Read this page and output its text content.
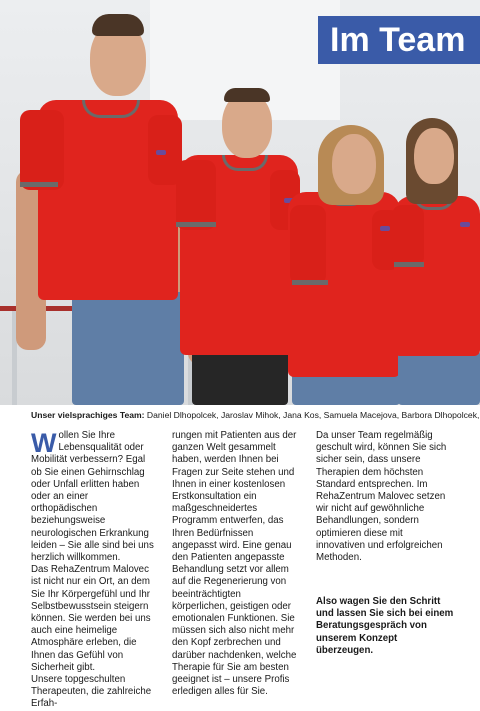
Im Team
Unser vielsprachiges Team: Daniel Dlhopolcek, Jaroslav Mihok, Jana Kos, Samuela Macejova, Barbora Dlhopolcek,

Wollen Sie Ihre Lebensqualität oder Mobilität verbessern? Egal ob Sie einen Gehirnschlag oder Unfall erlitten haben oder an einer orthopädischen beziehungsweise neurologischen Erkrankung leiden – Sie alle sind bei uns herzlich willkommen.

Das RehaZentrum Malovec ist nicht nur ein Ort, an dem Sie Ihr Körpergefühl und Ihr Selbstbewusstsein steigern können. Sie werden bei uns auch eine heimelige Atmosphäre erleben, die Ihnen das Gefühl von Sicherheit gibt.

Unsere topgeschulten Therapeuten, die zahlreiche Erfah-

rungen mit Patienten aus der ganzen Welt gesammelt haben, werden Ihnen bei Fragen zur Seite stehen und Ihnen in einer kostenlosen Erstkonsultation ein maßgeschneidertes Programm entwerfen, das Ihren Bedürfnissen angepasst wird. Eine genau den Patienten angepasste Behandlung setzt vor allem auf die Regenerierung von beeinträchtigten körperlichen, geistigen oder emotionalen Funktionen. Sie müssen sich also nicht mehr den Kopf zerbrechen und darüber nachdenken, welche Therapie für Sie am besten geeignet ist – unsere Profis erledigen alles für Sie.

Da unser Team regelmäßig geschult wird, können Sie sich sicher sein, dass unsere Therapien dem höchsten Standard entsprechen. Im RehaZentrum Malovec setzen wir nicht auf gewöhnliche Behandlungen, sondern optimieren diese mit innovativen und erfolgreichen Methoden.

Also wagen Sie den Schritt und lassen Sie sich bei einem Beratungsgespräch von unserem Konzept überzeugen.
